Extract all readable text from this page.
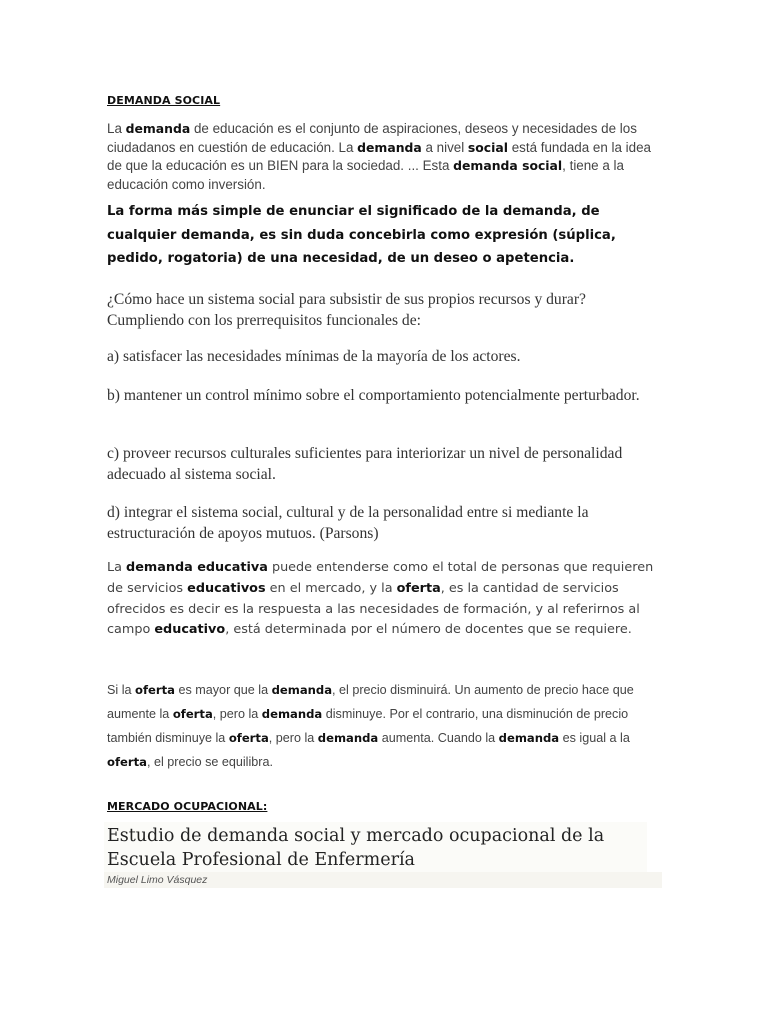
DEMANDA SOCIAL

La demanda de educación es el conjunto de aspiraciones, deseos y necesidades de los ciudadanos en cuestión de educación. La demanda a nivel social está fundada en la idea de que la educación es un BIEN para la sociedad. ... Esta demanda social, tiene a la educación como inversión.

La forma más simple de enunciar el significado de la demanda, de cualquier demanda, es sin duda concebirla como expresión (súplica, pedido, rogatoria) de una necesidad, de un deseo o apetencia.

¿Cómo hace un sistema social para subsistir de sus propios recursos y durar? Cumpliendo con los prerrequisitos funcionales de:

a) satisfacer las necesidades mínimas de la mayoría de los actores.

b) mantener un control mínimo sobre el comportamiento potencialmente perturbador.

c) proveer recursos culturales suficientes para interiorizar un nivel de personalidad adecuado al sistema social.

d) integrar el sistema social, cultural y de la personalidad entre si mediante la estructuración de apoyos mutuos. (Parsons)

La demanda educativa puede entenderse como el total de personas que requieren de servicios educativos en el mercado, y la oferta, es la cantidad de servicios ofrecidos es decir es la respuesta a las necesidades de formación, y al referirnos al campo educativo, está determinada por el número de docentes que se requiere.

Si la oferta es mayor que la demanda, el precio disminuirá. Un aumento de precio hace que aumente la oferta, pero la demanda disminuye. Por el contrario, una disminución de precio también disminuye la oferta, pero la demanda aumenta. Cuando la demanda es igual a la oferta, el precio se equilibra.

MERCADO OCUPACIONAL:
Estudio de demanda social y mercado ocupacional de la Escuela Profesional de Enfermería
Miguel Limo Vásquez
